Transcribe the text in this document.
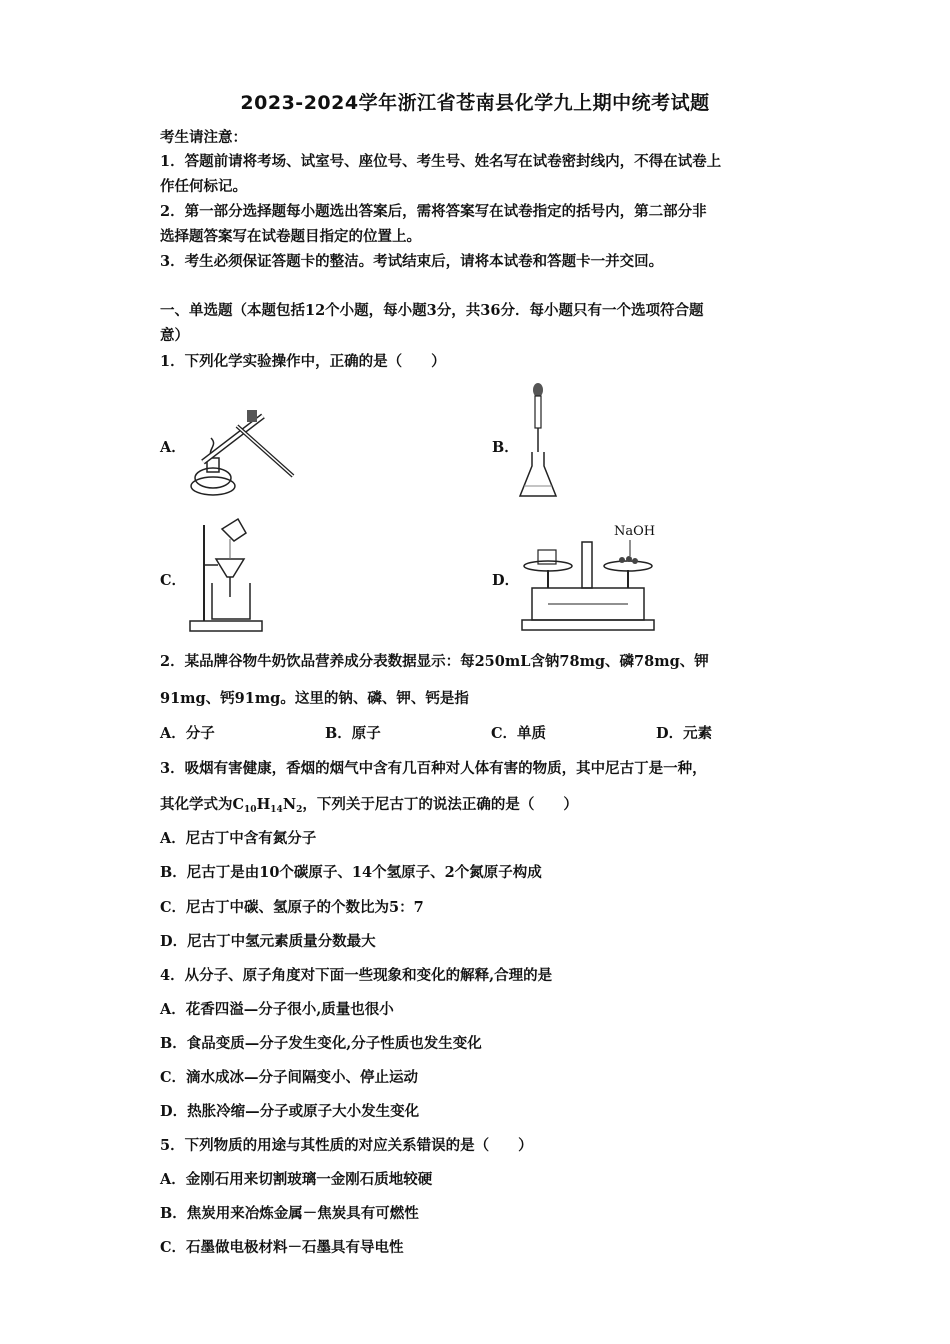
2023-2024学年浙江省苍南县化学九上期中统考试题
考生请注意：
1．答题前请将考场、试室号、座位号、考生号、姓名写在试卷密封线内，不得在试卷上
作任何标记。
2．第一部分选择题每小题选出答案后，需将答案写在试卷指定的括号内，第二部分非
选择题答案写在试卷题目指定的位置上。
3．考生必须保证答题卡的整洁。考试结束后，请将本试卷和答题卡一并交回。
一、单选题（本题包括12个小题，每小题3分，共36分．每小题只有一个选项符合题
意）
1．下列化学实验操作中，正确的是（　　）
A．	B．
C．	D．
NaOH
2．某品牌谷物牛奶饮品营养成分表数据显示：每250mL含钠78mg、磷78mg、钾
91mg、钙91mg。这里的钠、磷、钾、钙是指
A．分子	B．原子	C．单质	D．元素
3．吸烟有害健康，香烟的烟气中含有几百种对人体有害的物质，其中尼古丁是一种，
其化学式为$C_{10}H_{14}N_2$，下列关于尼古丁的说法正确的是（　　）
A．尼古丁中含有氮分子
B．尼古丁是由10个碳原子、14个氢原子、2个氮原子构成
C．尼古丁中碳、氢原子的个数比为5：7
D．尼古丁中氢元素质量分数最大
4．从分子、原子角度对下面一些现象和变化的解释,合理的是
A．花香四溢—分子很小,质量也很小
B．食品变质—分子发生变化,分子性质也发生变化
C．滴水成冰—分子间隔变小、停止运动
D．热胀冷缩—分子或原子大小发生变化
5．下列物质的用途与其性质的对应关系错误的是（　　）
A．金刚石用来切割玻璃一金刚石质地较硬
B．焦炭用来冶炼金属－焦炭具有可燃性
C．石墨做电极材料－石墨具有导电性
